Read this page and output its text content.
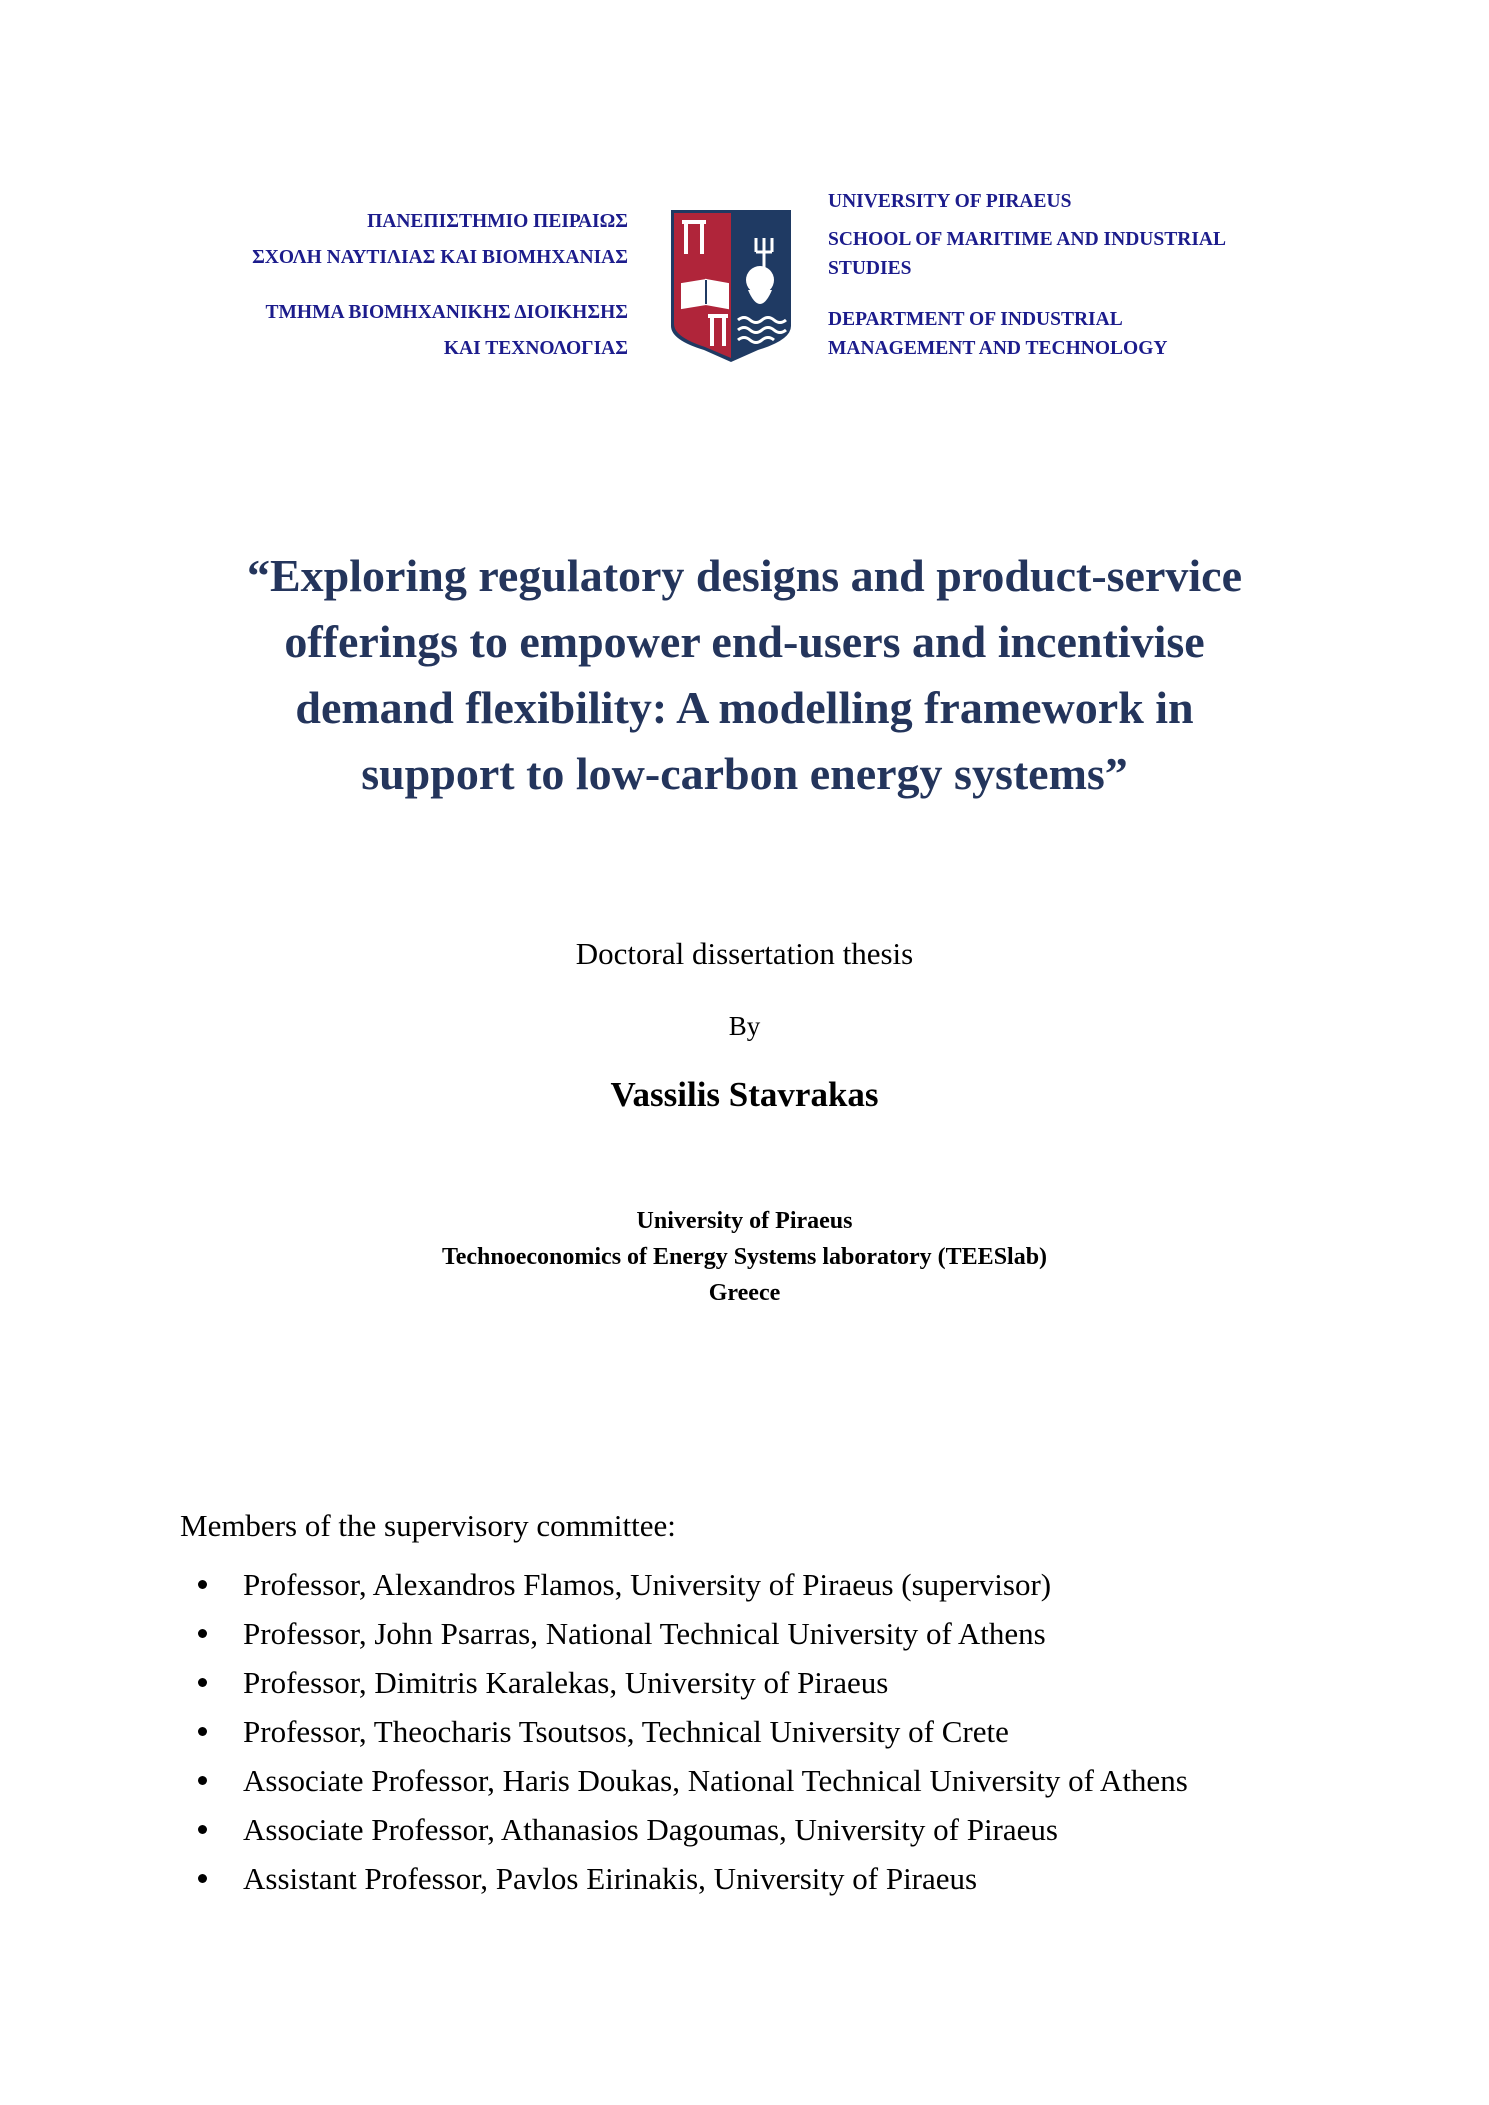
ΠΑΝΕΠΙΣΤΗΜΙΟ ΠΕΙΡΑΙΩΣ
ΣΧΟΛΗ ΝΑΥΤΙΛΙΑΣ ΚΑΙ ΒΙΟΜΗΧΑΝΙΑΣ
ΤΜΗΜΑ ΒΙΟΜΗΧΑΝΙΚΗΣ ΔΙΟΙΚΗΣΗΣ
ΚΑΙ ΤΕΧΝΟΛΟΓΙΑΣ
UNIVERSITY OF PIRAEUS
SCHOOL OF MARITIME AND INDUSTRIAL
STUDIES
DEPARTMENT OF INDUSTRIAL
MANAGEMENT AND TECHNOLOGY
“Exploring regulatory designs and product-service
offerings to empower end-users and incentivise
demand flexibility: A modelling framework in
support to low-carbon energy systems”
Doctoral dissertation thesis
By
Vassilis Stavrakas
University of Piraeus
Technoeconomics of Energy Systems laboratory (TEESlab)
Greece
Members of the supervisory committee:
Professor, Alexandros Flamos, University of Piraeus (supervisor)
Professor, John Psarras, National Technical University of Athens
Professor, Dimitris Karalekas, University of Piraeus
Professor, Theocharis Tsoutsos, Technical University of Crete
Associate Professor, Haris Doukas, National Technical University of Athens
Associate Professor, Athanasios Dagoumas, University of Piraeus
Assistant Professor, Pavlos Eirinakis, University of Piraeus
